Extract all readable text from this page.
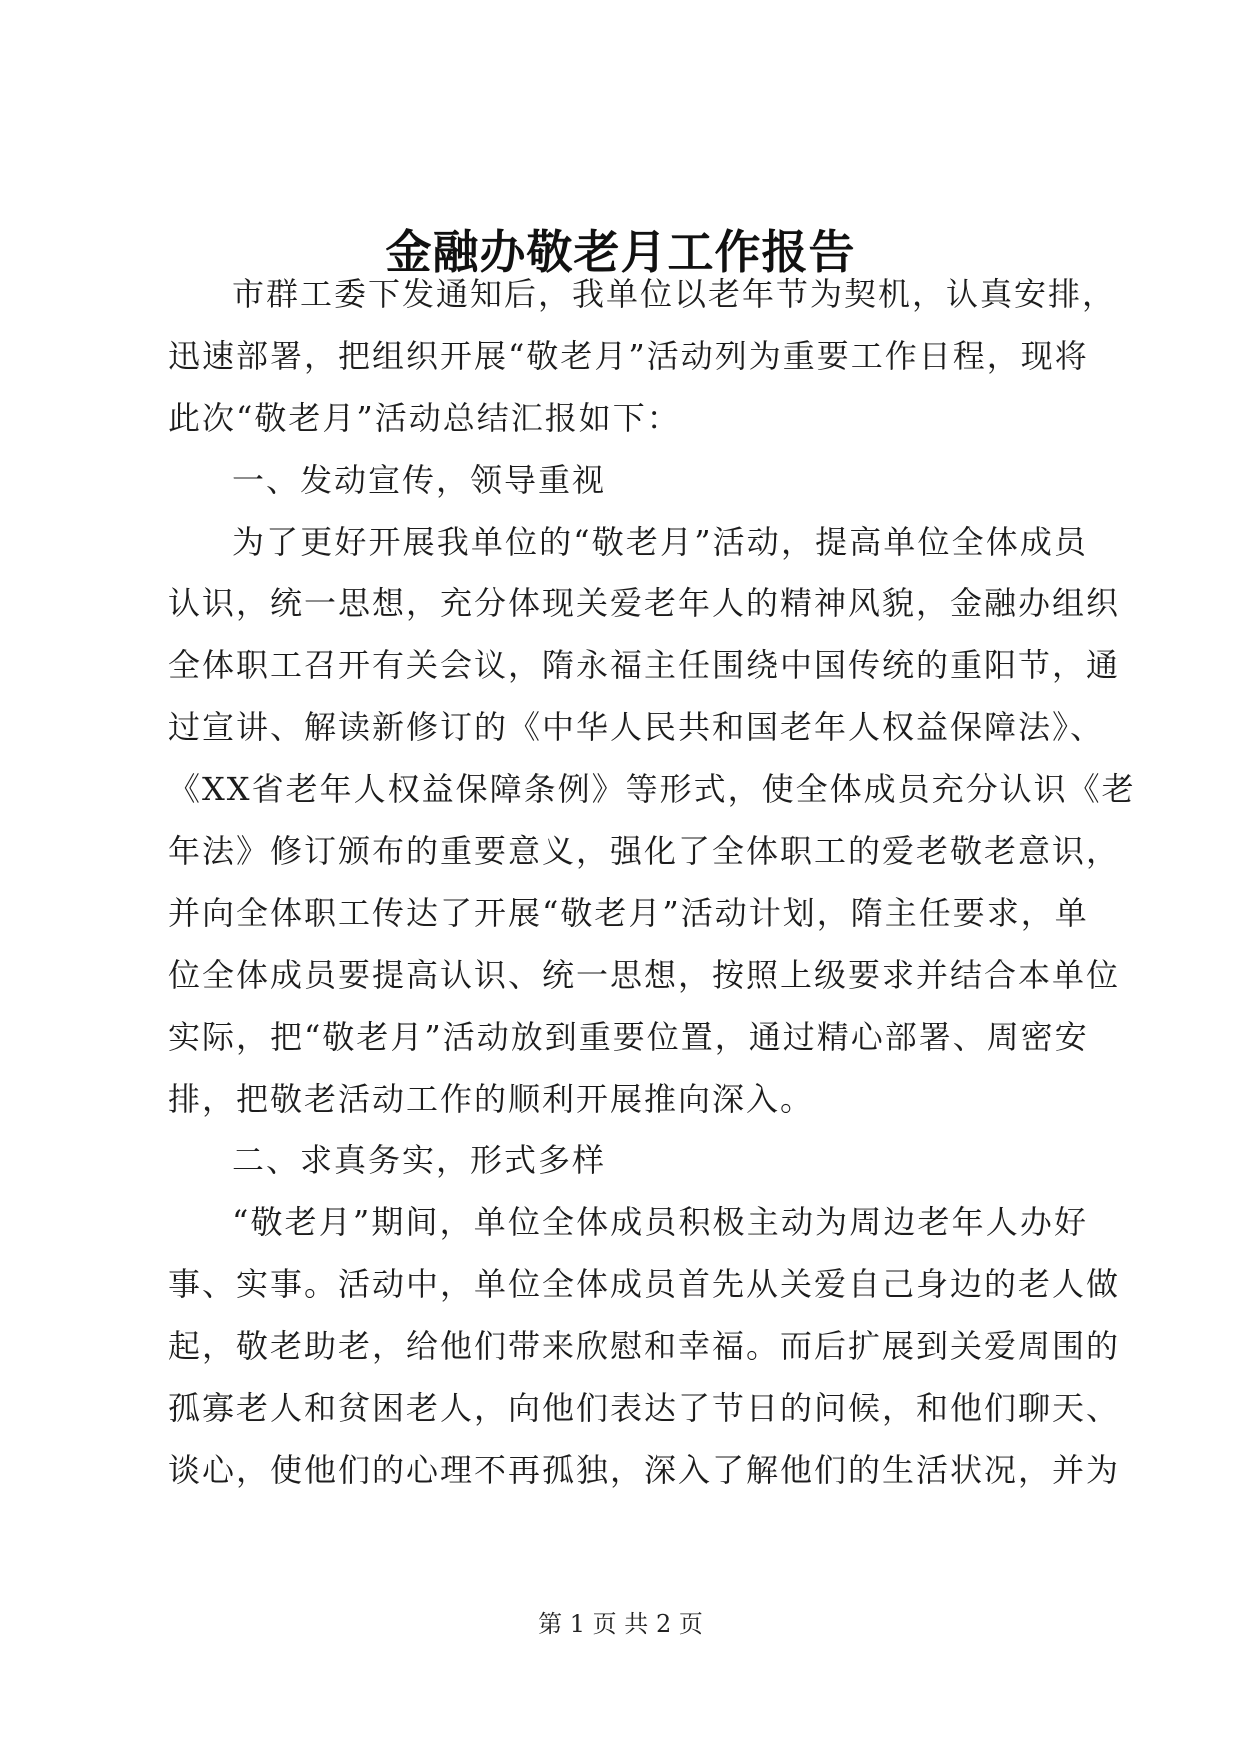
金融办敬老月工作报告
市群工委下发通知后，我单位以老年节为契机，认真安排，
迅速部署，把组织开展“敬老月”活动列为重要工作日程，现将
此次“敬老月”活动总结汇报如下：
一、发动宣传，领导重视
为了更好开展我单位的“敬老月”活动，提高单位全体成员
认识，统一思想，充分体现关爱老年人的精神风貌，金融办组织
全体职工召开有关会议，隋永福主任围绕中国传统的重阳节，通
过宣讲、解读新修订的《中华人民共和国老年人权益保障法》、
《XX省老年人权益保障条例》等形式，使全体成员充分认识《老
年法》修订颁布的重要意义，强化了全体职工的爱老敬老意识，
并向全体职工传达了开展“敬老月”活动计划，隋主任要求，单
位全体成员要提高认识、统一思想，按照上级要求并结合本单位
实际，把“敬老月”活动放到重要位置，通过精心部署、周密安
排，把敬老活动工作的顺利开展推向深入。
二、求真务实，形式多样
“敬老月”期间，单位全体成员积极主动为周边老年人办好
事、实事。活动中，单位全体成员首先从关爱自己身边的老人做
起，敬老助老，给他们带来欣慰和幸福。而后扩展到关爱周围的
孤寡老人和贫困老人，向他们表达了节日的问候，和他们聊天、
谈心，使他们的心理不再孤独，深入了解他们的生活状况，并为
第 1 页 共 2 页
